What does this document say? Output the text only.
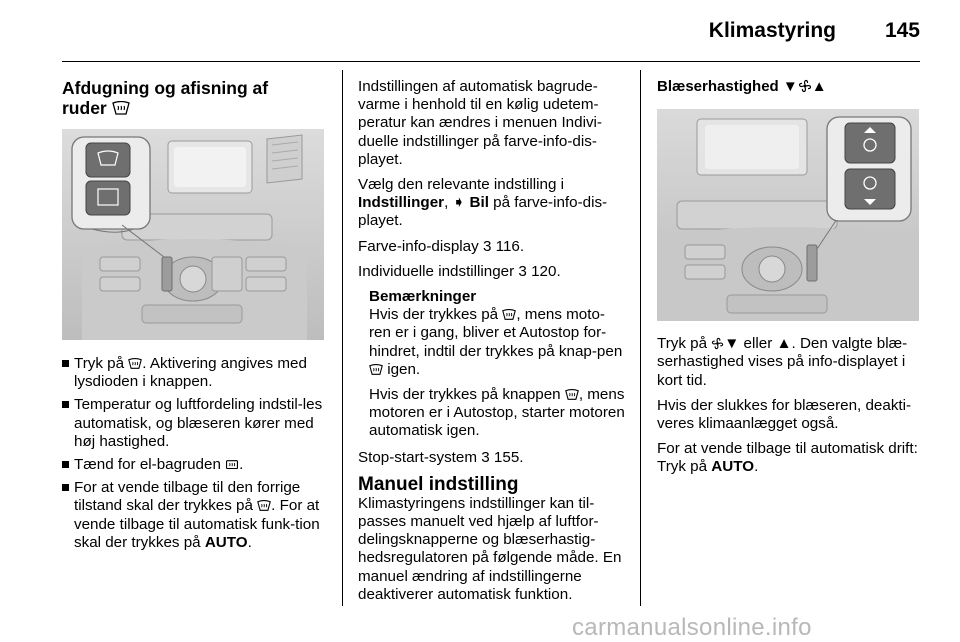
Klimastyring 145
Afdugning og afisning af
ruder
Tryk på . Aktivering angives med lysdioden i knappen.
Temperatur og luftfordeling indstil-les automatisk, og blæseren kører med høj hastighed.
Tænd for el-bagruden .
For at vende tilbage til den forrige tilstand skal der trykkes på . For at vende tilbage til automatisk funk-tion skal der trykkes på AUTO.

Indstillingen af automatisk bagrude-varme i henhold til en kølig udetem-peratur kan ændres i menuen Indivi-duelle indstillinger på farve-info-dis-playet.

Vælg den relevante indstilling i Indstillinger, ➧ Bil på farve-info-dis-playet.

Farve-info-display 3 116.

Individuelle indstillinger 3 120.

Bemærkninger

Hvis der trykkes på , mens moto-ren er i gang, bliver et Autostop for-hindret, indtil der trykkes på knap-pen  igen.

Hvis der trykkes på knappen , mens motoren er i Autostop, starter motoren automatisk igen.

Stop-start-system 3 155.

Manuel indstilling

Klimastyringens indstillinger kan til-passes manuelt ved hjælp af luftfor-delingsknapperne og blæserhastig-hedsregulatoren på følgende måde. En manuel ændring af indstillingerne deaktiverer automatisk funktion.

Blæserhastighed ▼ ▲

Tryk på ▼ eller ▲. Den valgte blæ-serhastighed vises på info-displayet i kort tid.

Hvis der slukkes for blæseren, deakti-veres klimaanlægget også.

For at vende tilbage til automatisk drift: Tryk på AUTO.

carmanualsonline.info
